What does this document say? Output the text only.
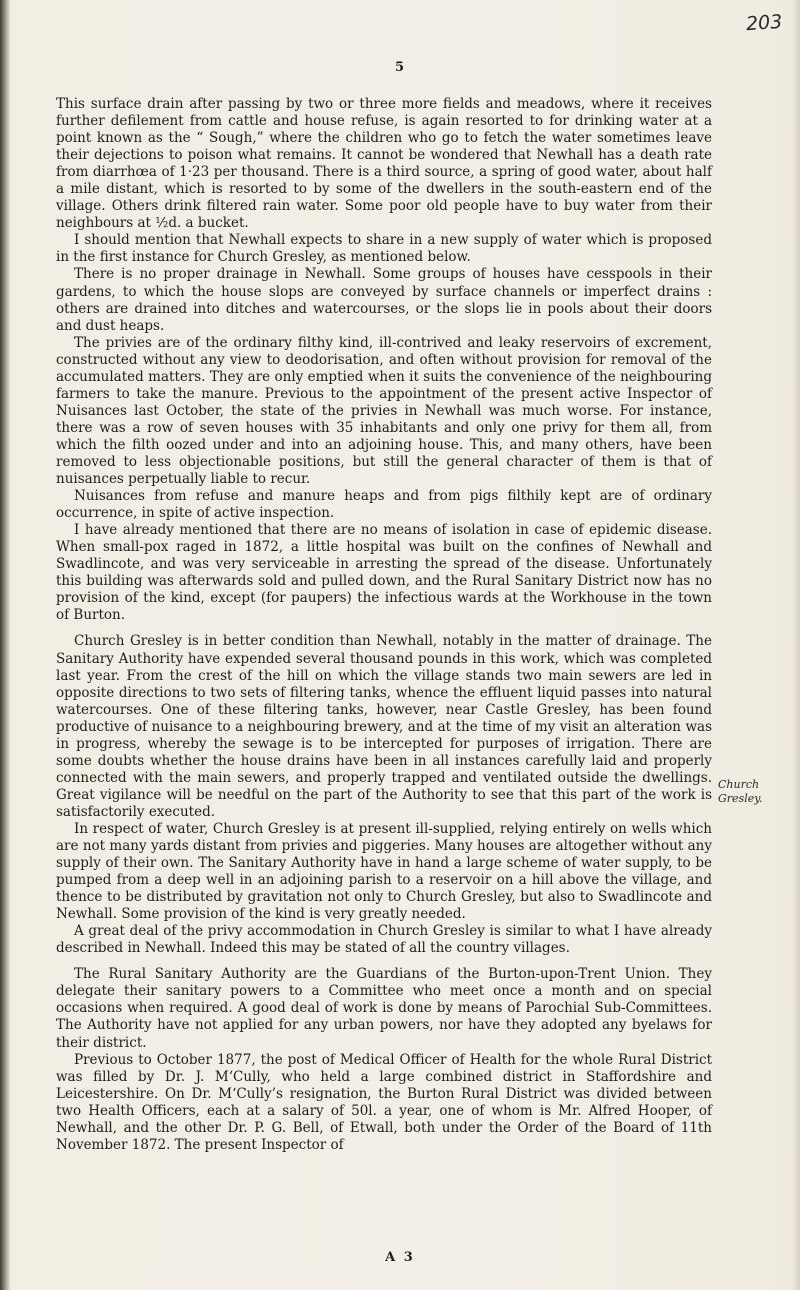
203
5

This surface drain after passing by two or three more fields and meadows, where it receives further defilement from cattle and house refuse, is again resorted to for drinking water at a point known as the “ Sough,” where the children who go to fetch the water sometimes leave their dejections to poison what remains. It cannot be wondered that Newhall has a death rate from diarrhœa of 1·23 per thousand. There is a third source, a spring of good water, about half a mile distant, which is resorted to by some of the dwellers in the south-eastern end of the village. Others drink filtered rain water. Some poor old people have to buy water from their neighbours at ½d. a bucket.

I should mention that Newhall expects to share in a new supply of water which is proposed in the first instance for Church Gresley, as mentioned below.

There is no proper drainage in Newhall. Some groups of houses have cesspools in their gardens, to which the house slops are conveyed by surface channels or imperfect drains : others are drained into ditches and watercourses, or the slops lie in pools about their doors and dust heaps.

The privies are of the ordinary filthy kind, ill-contrived and leaky reservoirs of excrement, constructed without any view to deodorisation, and often without provision for removal of the accumulated matters. They are only emptied when it suits the convenience of the neighbouring farmers to take the manure. Previous to the appointment of the present active Inspector of Nuisances last October, the state of the privies in Newhall was much worse. For instance, there was a row of seven houses with 35 inhabitants and only one privy for them all, from which the filth oozed under and into an adjoining house. This, and many others, have been removed to less objectionable positions, but still the general character of them is that of nuisances perpetually liable to recur.

Nuisances from refuse and manure heaps and from pigs filthily kept are of ordinary occurrence, in spite of active inspection.

I have already mentioned that there are no means of isolation in case of epidemic disease. When small-pox raged in 1872, a little hospital was built on the confines of Newhall and Swadlincote, and was very serviceable in arresting the spread of the disease. Unfortunately this building was afterwards sold and pulled down, and the Rural Sanitary District now has no provision of the kind, except (for paupers) the infectious wards at the Workhouse in the town of Burton.

Church Gresley is in better condition than Newhall, notably in the matter of drainage. The Sanitary Authority have expended several thousand pounds in this work, which was completed last year. From the crest of the hill on which the village stands two main sewers are led in opposite directions to two sets of filtering tanks, whence the effluent liquid passes into natural watercourses. One of these filtering tanks, however, near Castle Gresley, has been found productive of nuisance to a neighbouring brewery, and at the time of my visit an alteration was in progress, whereby the sewage is to be intercepted for purposes of irrigation. There are some doubts whether the house drains have been in all instances carefully laid and properly connected with the main sewers, and properly trapped and ventilated outside the dwellings. Great vigilance will be needful on the part of the Authority to see that this part of the work is satisfactorily executed.

In respect of water, Church Gresley is at present ill-supplied, relying entirely on wells which are not many yards distant from privies and piggeries. Many houses are altogether without any supply of their own. The Sanitary Authority have in hand a large scheme of water supply, to be pumped from a deep well in an adjoining parish to a reservoir on a hill above the village, and thence to be distributed by gravitation not only to Church Gresley, but also to Swadlincote and Newhall. Some provision of the kind is very greatly needed.

A great deal of the privy accommodation in Church Gresley is similar to what I have already described in Newhall. Indeed this may be stated of all the country villages.

The Rural Sanitary Authority are the Guardians of the Burton-upon-Trent Union. They delegate their sanitary powers to a Committee who meet once a month and on special occasions when required. A good deal of work is done by means of Parochial Sub-Committees. The Authority have not applied for any urban powers, nor have they adopted any byelaws for their district.

Previous to October 1877, the post of Medical Officer of Health for the whole Rural District was filled by Dr. J. M‘Cully, who held a large combined district in Staffordshire and Leicestershire. On Dr. M‘Cully’s resignation, the Burton Rural District was divided between two Health Officers, each at a salary of 50l. a year, one of whom is Mr. Alfred Hooper, of Newhall, and the other Dr. P. G. Bell, of Etwall, both under the Order of the Board of 11th November 1872. The present Inspector of

Church Gresley.
A 3
